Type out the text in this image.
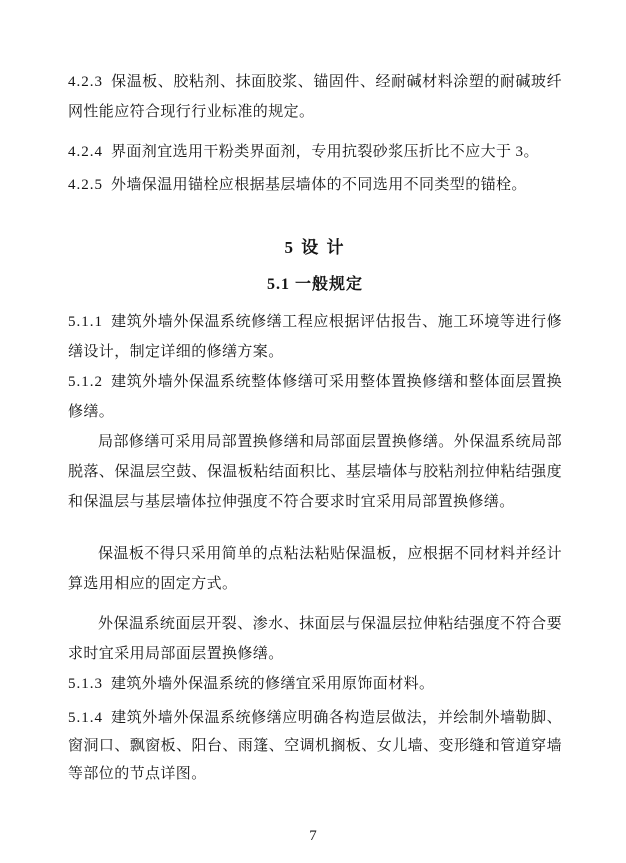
4.2.3 保温板、胶粘剂、抹面胶浆、锚固件、经耐碱材料涂塑的耐碱玻纤网性能应符合现行行业标准的规定。

4.2.4 界面剂宜选用干粉类界面剂，专用抗裂砂浆压折比不应大于 3。

4.2.5 外墙保温用锚栓应根据基层墙体的不同选用不同类型的锚栓。

5 设 计
5.1 一般规定

5.1.1 建筑外墙外保温系统修缮工程应根据评估报告、施工环境等进行修缮设计，制定详细的修缮方案。

5.1.2 建筑外墙外保温系统整体修缮可采用整体置换修缮和整体面层置换修缮。

局部修缮可采用局部置换修缮和局部面层置换修缮。外保温系统局部脱落、保温层空鼓、保温板粘结面积比、基层墙体与胶粘剂拉伸粘结强度和保温层与基层墙体拉伸强度不符合要求时宜采用局部置换修缮。

保温板不得只采用简单的点粘法粘贴保温板，应根据不同材料并经计算选用相应的固定方式。

外保温系统面层开裂、渗水、抹面层与保温层拉伸粘结强度不符合要求时宜采用局部面层置换修缮。

5.1.3 建筑外墙外保温系统的修缮宜采用原饰面材料。

5.1.4 建筑外墙外保温系统修缮应明确各构造层做法，并绘制外墙勒脚、窗洞口、飘窗板、阳台、雨篷、空调机搁板、女儿墙、变形缝和管道穿墙等部位的节点详图。

7
